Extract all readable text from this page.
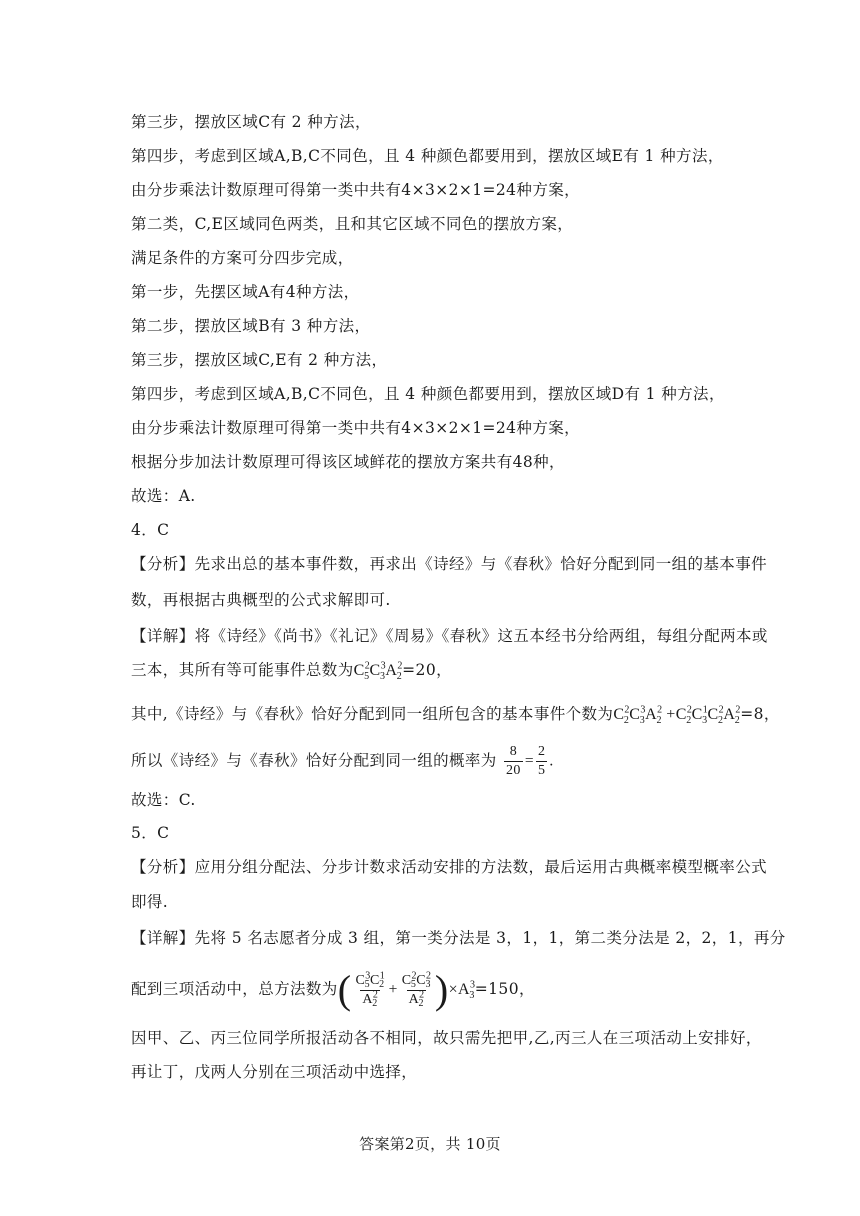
第三步，摆放区域C有 2 种方法，
第四步，考虑到区域A,B,C不同色，且 4 种颜色都要用到，摆放区域E有 1 种方法，
由分步乘法计数原理可得第一类中共有4×3×2×1=24种方案，
第二类，C,E区域同色两类，且和其它区域不同色的摆放方案，
满足条件的方案可分四步完成，
第一步，先摆区域A有4种方法，
第二步，摆放区域B有 3 种方法，
第三步，摆放区域C,E有 2 种方法，
第四步，考虑到区域A,B,C不同色，且 4 种颜色都要用到，摆放区域D有 1 种方法，
由分步乘法计数原理可得第一类中共有4×3×2×1=24种方案，
根据分步加法计数原理可得该区域鲜花的摆放方案共有48种，
故选：A.
4．C
【分析】先求出总的基本事件数，再求出《诗经》与《春秋》恰好分配到同一组的基本事件
数，再根据古典概型的公式求解即可.
【详解】将《诗经》《尚书》《礼记》《周易》《春秋》这五本经书分给两组，每组分配两本或
三本，其所有等可能事件总数为$C^2_5C^3_3A^2_2=20$，
其中,《诗经》与《春秋》恰好分配到同一组所包含的基本事件个数为$C^2_2C^3_3A^2_2 +C^2_2C^1_3C^2_2A^2_2=8$，
所以《诗经》与《春秋》恰好分配到同一组的概率为 $\frac{8}{20} = \frac{2}{5}$ .
故选：C.
5．C
【分析】应用分组分配法、分步计数求活动安排的方法数，最后运用古典概率模型概率公式
即得.
【详解】先将 5 名志愿者分成 3 组，第一类分法是 3，1，1，第二类分法是 2，2，1，再分
配到三项活动中，总方法数为( $\frac{C^3_5C^1_2}{A^2_2} + \frac{C^2_5C^2_3}{A^2_2} )\times A^3_3=150$，
因甲、乙、丙三位同学所报活动各不相同，故只需先把甲,乙,丙三人在三项活动上安排好，
再让丁，戊两人分别在三项活动中选择，
答案第2页，共 10页
